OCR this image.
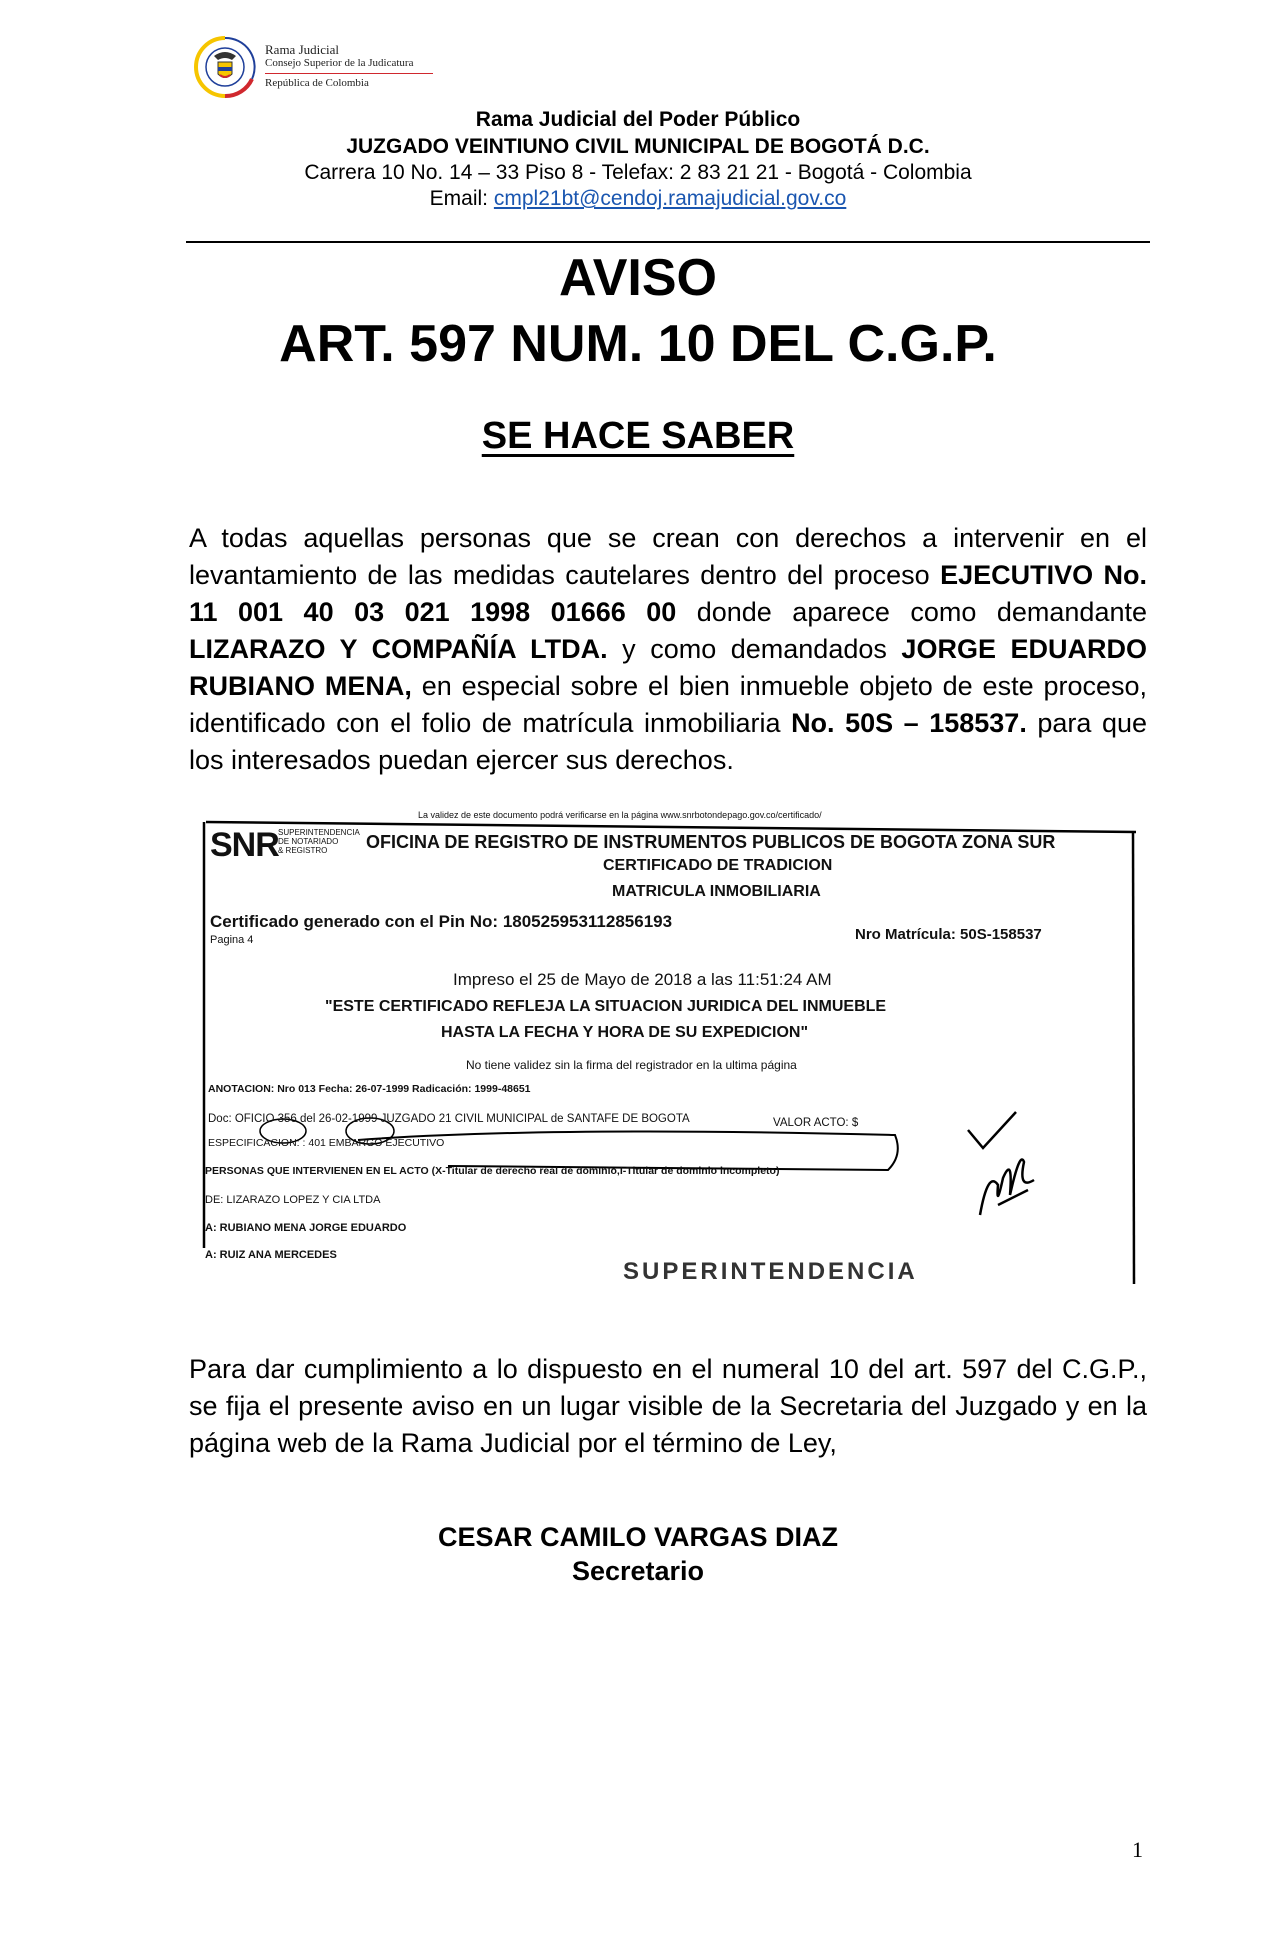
Rama Judicial
Consejo Superior de la Judicatura
República de Colombia
Rama Judicial del Poder Público
JUZGADO VEINTIUNO CIVIL MUNICIPAL DE BOGOTÁ D.C.
Carrera 10 No. 14 – 33 Piso 8 - Telefax: 2 83 21 21 - Bogotá - Colombia
Email: cmpl21bt@cendoj.ramajudicial.gov.co
AVISO
ART. 597 NUM. 10 DEL C.G.P.
SE HACE SABER
A todas aquellas personas que se crean con derechos a intervenir en el levantamiento de las medidas cautelares dentro del proceso EJECUTIVO No. 11 001 40 03 021 1998 01666 00 donde aparece como demandante LIZARAZO Y COMPAÑÍA LTDA. y como demandados JORGE EDUARDO RUBIANO MENA, en especial sobre el bien inmueble objeto de este proceso, identificado con el folio de matrícula inmobiliaria No. 50S – 158537. para que los interesados puedan ejercer sus derechos.
La validez de este documento podrá verificarse en la página www.snrbotondepago.gov.co/certificado/
SNR SUPERINTENDENCIA
DE NOTARIADO
& REGISTRO OFICINA DE REGISTRO DE INSTRUMENTOS PUBLICOS DE BOGOTA ZONA SUR
CERTIFICADO DE TRADICION
MATRICULA INMOBILIARIA
Certificado generado con el Pin No: 180525953112856193
Pagina 4	Nro Matrícula: 50S-158537
Impreso el 25 de Mayo de 2018 a las 11:51:24 AM
"ESTE CERTIFICADO REFLEJA LA SITUACION JURIDICA DEL INMUEBLE
HASTA LA FECHA Y HORA DE SU EXPEDICION"
No tiene validez sin la firma del registrador en la ultima página
ANOTACION: Nro 013 Fecha: 26-07-1999 Radicación: 1999-48651
Doc: OFICIO 356 del 26-02-1999 JUZGADO 21 CIVIL MUNICIPAL de SANTAFE DE BOGOTA	VALOR ACTO: $
ESPECIFICACION: : 401 EMBARGO EJECUTIVO
PERSONAS QUE INTERVIENEN EN EL ACTO (X-Titular de derecho real de dominio,I-Titular de dominio incompleto)
DE: LIZARAZO LOPEZ Y CIA LTDA
A: RUBIANO MENA JORGE EDUARDO
A: RUIZ ANA MERCEDES
SUPERINTENDENCIA
Para dar cumplimiento a lo dispuesto en el numeral 10 del art. 597 del C.G.P., se fija el presente aviso en un lugar visible de la Secretaria del Juzgado y en la página web de la Rama Judicial por el término de Ley,
CESAR CAMILO VARGAS DIAZ
Secretario
1
